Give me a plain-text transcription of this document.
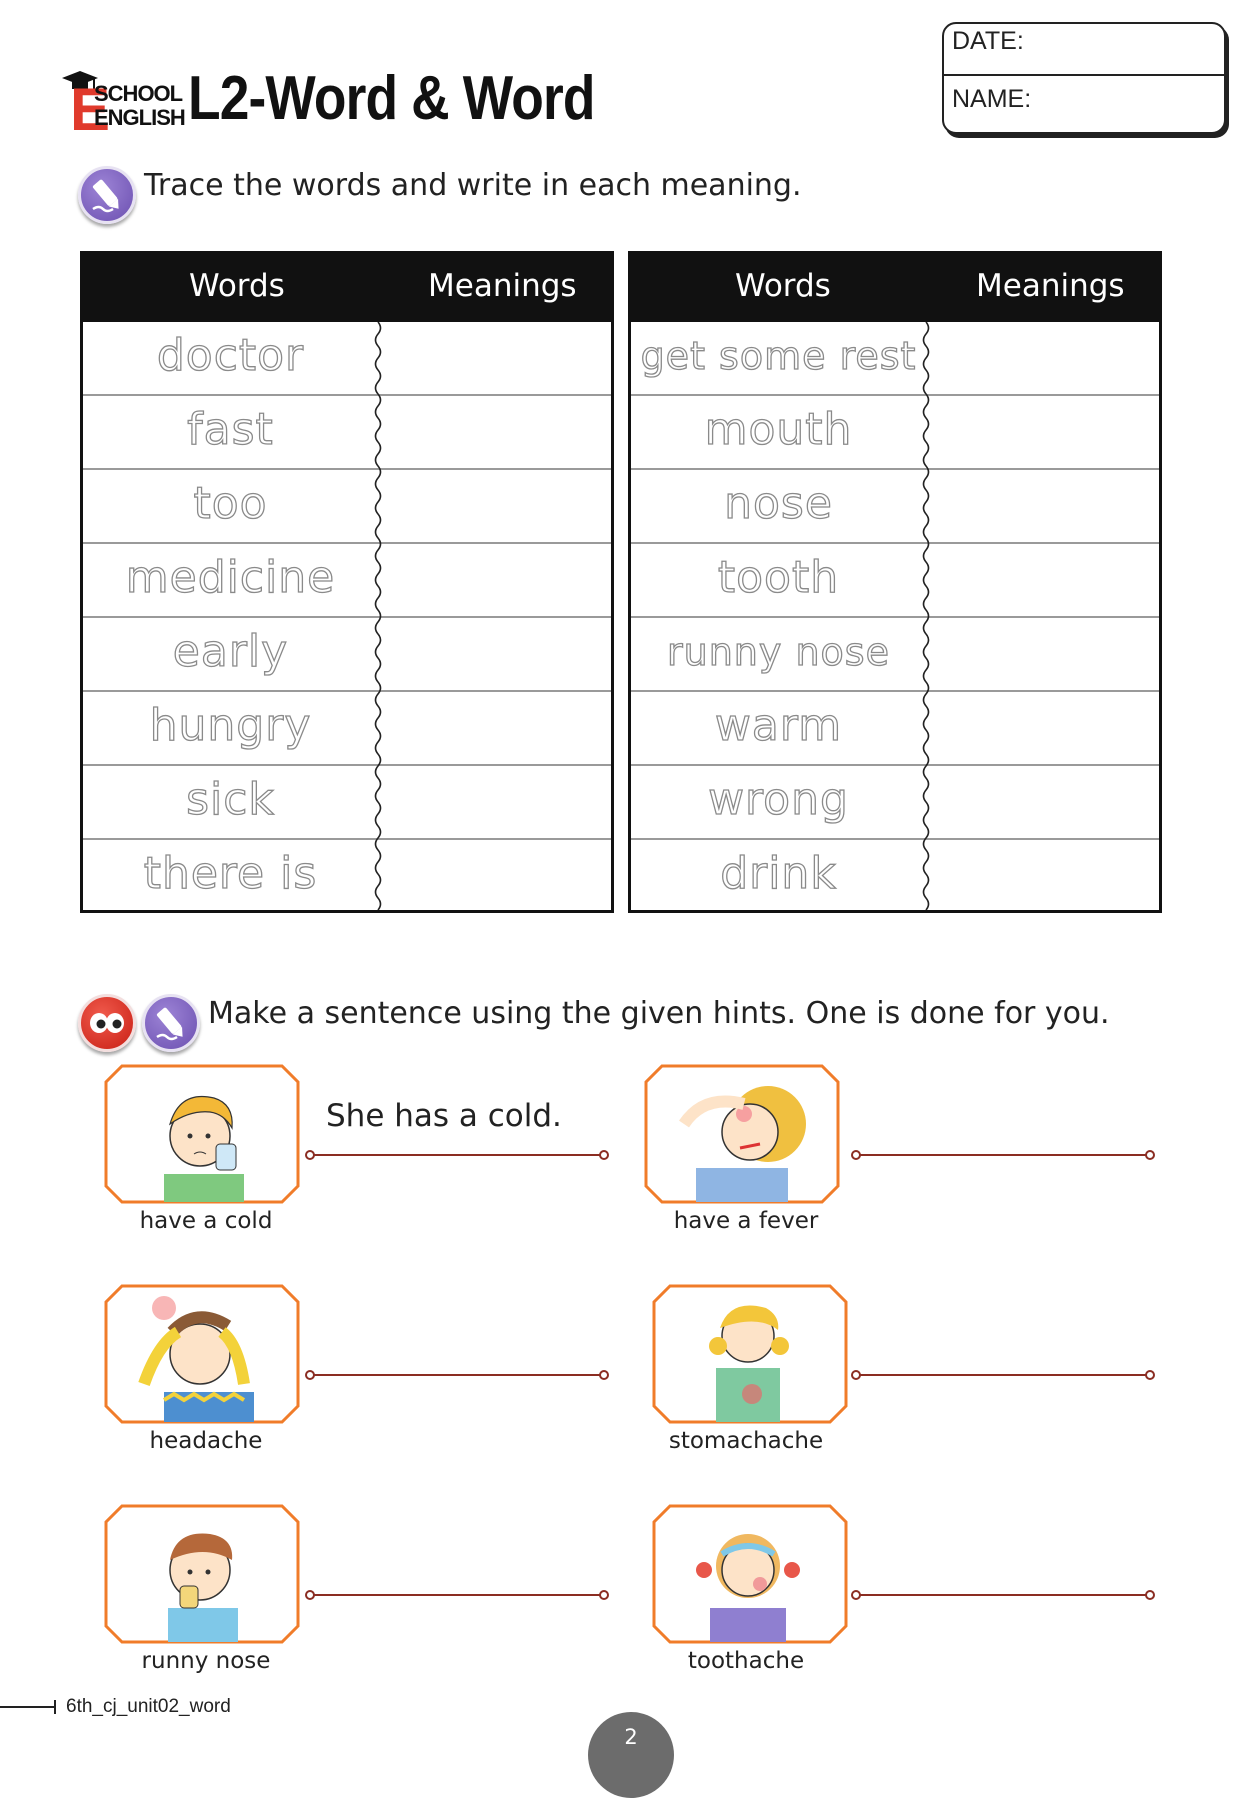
E
SCHOOL
ENGLISH L2-Word & Word
DATE:
NAME:
Trace the words and write in each meaning.
Words	Meanings
doctor
fast
too
medicine
early
hungry
sick
there is
Words	Meanings
get some rest
mouth
nose
tooth
runny nose
warm
wrong
drink
Make a sentence using the given hints. One is done for you.
have a cold
She has a cold.
have a fever
headache	stomachache
runny nose	toothache
6th_cj_unit02_word
2
